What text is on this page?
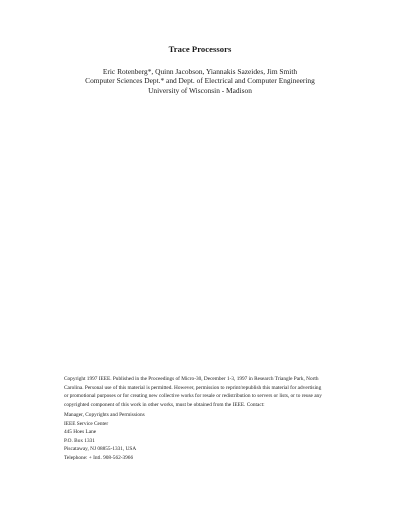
Trace Processors
Eric Rotenberg*, Quinn Jacobson, Yiannakis Sazeides, Jim Smith
Computer Sciences Dept.* and Dept. of Electrical and Computer Engineering
University of Wisconsin - Madison
Copyright 1997 IEEE. Published in the Proceedings of Micro-30, December 1-3, 1997 in Research Triangle Park, North
Carolina. Personal use of this material is permitted. However, permission to reprint/republish this material for advertising
or promotional purposes or for creating new collective works for resale or redistribution to servers or lists, or to reuse any
copyrighted component of this work in other works, must be obtained from the IEEE. Contact:
Manager, Copyrights and Permissions
IEEE Service Center
445 Hoes Lane
P.O. Box 1331
Piscataway, NJ 08855-1331, USA
Telephone: + Intl. 908-562-3966
